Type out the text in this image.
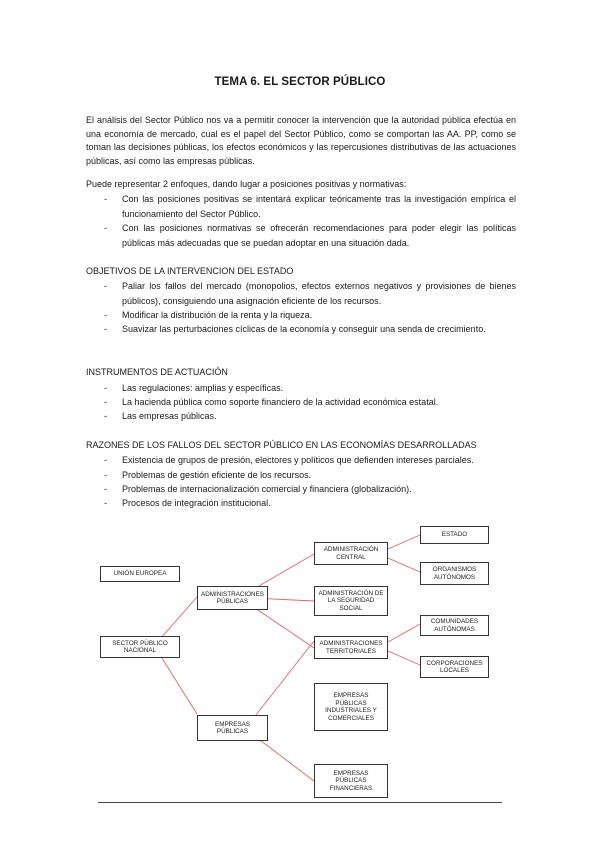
TEMA 6. EL SECTOR PÚBLICO
El análisis del Sector Público nos va a permitir conocer la intervención que la autoridad pública efectúa en una economía de mercado, cual es el papel del Sector Público, como se comportan las AA. PP, como se toman las decisiones públicas, los efectos económicos y las repercusiones distributivas de las actuaciones públicas, así como las empresas públicas.
Puede representar 2 enfoques, dando lugar a posiciones positivas y normativas:
- Con las posiciones positivas se intentará explicar teóricamente tras la investigación empírica el funcionamiento del Sector Público.
- Con las posiciones normativas se ofrecerán recomendaciones para poder elegir las políticas públicas más adecuadas que se puedan adoptar en una situación dada.
OBJETIVOS DE LA INTERVENCION DEL ESTADO
- Paliar los fallos del mercado (monopolios, efectos externos negativos y provisiones de bienes públicos), consiguiendo una asignación eficiente de los recursos.
- Modificar la distribución de la renta y la riqueza.
- Suavizar las perturbaciones cíclicas de la economía y conseguir una senda de crecimiento.
INSTRUMENTOS DE ACTUACIÓN
- Las regulaciones: amplias y específicas.
- La hacienda pública como soporte financiero de la actividad económica estatal.
- Las empresas públicas.
RAZONES DE LOS FALLOS DEL SECTOR PÚBLICO EN LAS ECONOMÍAS DESARROLLADAS
- Existencia de grupos de presión, electores y políticos que defienden intereses parciales.
- Problemas de gestión eficiente de los recursos.
- Problemas de internacionalización comercial y financiera (globalización).
- Procesos de integración institucional.
UNIÓN EUROPEA
SECTOR PÚBLICO
NACIONAL
ADMINISTRACIONES
PÚBLICAS
EMPRESAS
PÚBLICAS
ADMINISTRACIÓN
CENTRAL
ADMINISTRACIÓN DE
LA SEGURIDAD
SOCIAL
ADMINISTRACIONES
TERRITORIALES
EMPRESAS
PÚBLICAS
INDUSTRIALES Y
COMERCIALES
EMPRESAS
PÚBLICAS
FINANCIERAS
ESTADO
ORGANISMOS
AUTÓNOMOS
COMUNIDADES
AUTÓNOMAS
CORPORACIONES
LOCALES
